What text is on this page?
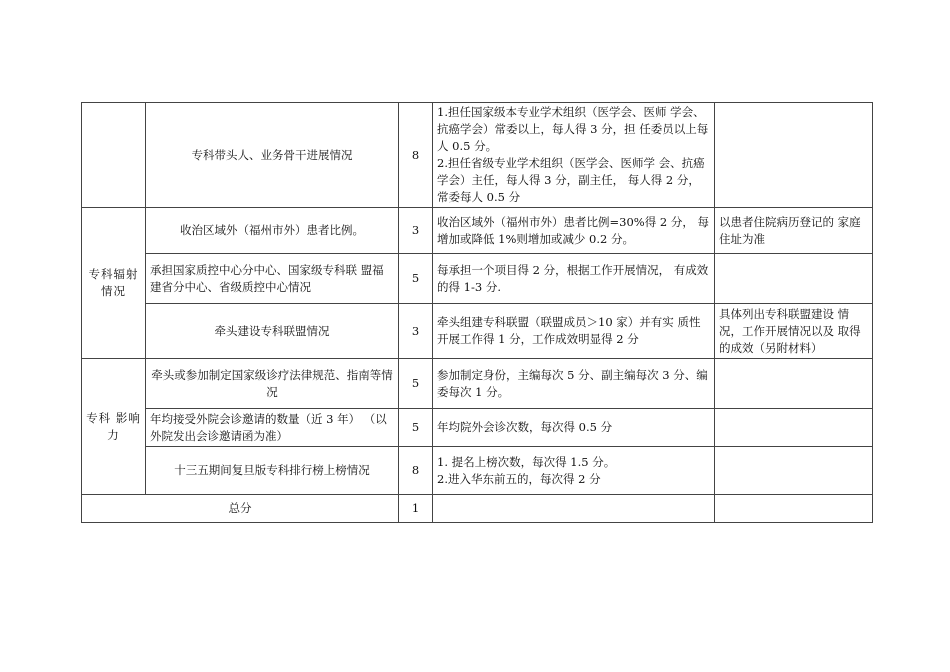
	专科带头人、业务骨干进展情况	8	1.担任国家级本专业学术组织（医学会、医师 学会、抗癌学会）常委以上，每人得 3 分，担 任委员以上每人 0.5 分。
2.担任省级专业学术组织（医学会、医师学 会、抗癌学会）主任，每人得 3 分，副主任， 每人得 2 分，常委每人 0.5 分	
专科辐射情况	收治区域外（福州市外）患者比例。	3	收治区域外（福州市外）患者比例=30%得 2 分， 每增加或降低 1%则增加或减少 0.2 分。	以患者住院病历登记的 家庭住址为准
	承担国家质控中心分中心、国家级专科联 盟福建省分中心、省级质控中心情况	5	每承担一个项目得 2 分，根据工作开展情况， 有成效的得 1-3 分.	
	牵头建设专科联盟情况	3	牵头组建专科联盟（联盟成员＞10 家）并有实 质性开展工作得 1 分，工作成效明显得 2 分	具体列出专科联盟建设 情况，工作开展情况以及 取得的成效（另附材料）
专科 影响力	牵头或参加制定国家级诊疗法律规范、指南等情况	5	参加制定身份，主编每次 5 分、副主编每次 3 分、编委每次 1 分。	
	年均接受外院会诊邀请的数量（近 3 年） （以外院发出会诊邀请函为准）	5	年均院外会诊次数，每次得 0.5 分	
	十三五期间复旦版专科排行榜上榜情况	8	1. 提名上榜次数，每次得 1.5 分。
2.进入华东前五的，每次得 2 分	
总分		1		
